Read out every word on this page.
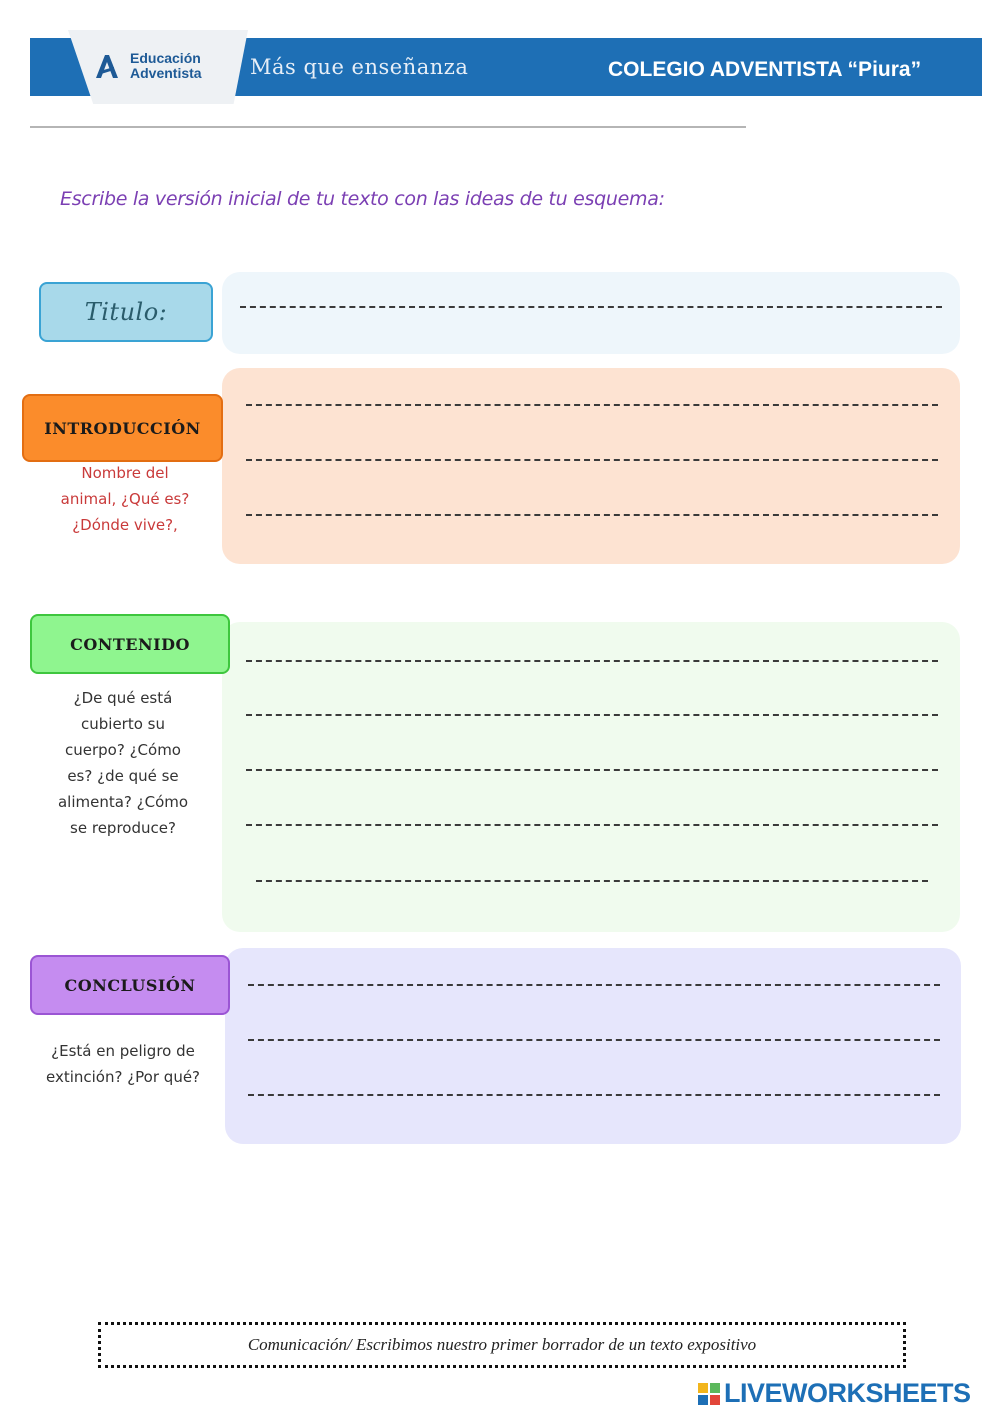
Educación
Adventista Más que enseñanza	COLEGIO ADVENTISTA “Piura”
Escribe la versión inicial de tu texto con las ideas de tu esquema:
Titulo:
INTRODUCCIÓN
CONTENIDO
CONCLUSIÓN
Nombre del
animal, ¿Qué es?
¿Dónde vive?,
¿De qué está
cubierto su
cuerpo? ¿Cómo
es? ¿de qué se
alimenta? ¿Cómo
se reproduce?
¿Está en peligro de
extinción? ¿Por qué?
Comunicación/ Escribimos nuestro primer borrador de un texto expositivo
LIVEWORKSHEETS
